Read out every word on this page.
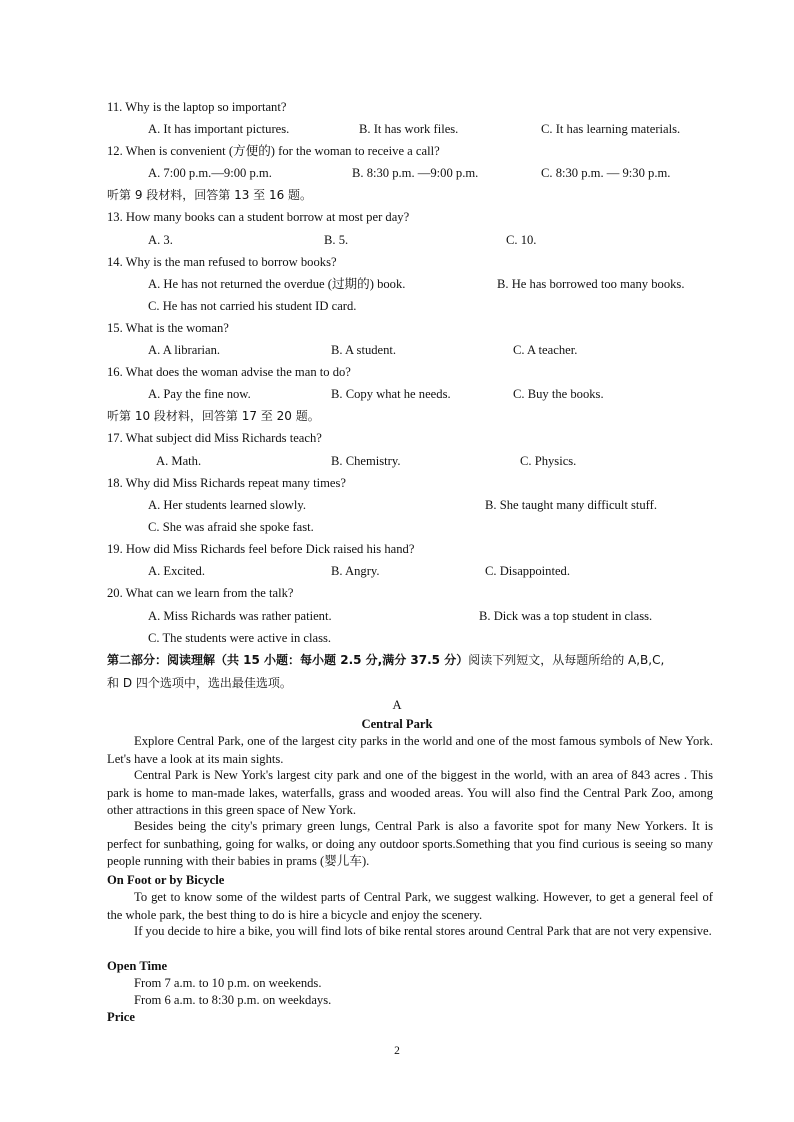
11. Why is the laptop so important?
A. It has important pictures.	B. It has work files.	C. It has learning materials.
12. When is convenient (方便的) for the woman to receive a call?
A. 7:00 p.m.—9:00 p.m.	B. 8:30 p.m. —9:00 p.m.	C. 8:30 p.m. — 9:30 p.m.
听第 9 段材料，回答第 13 至 16 题。
13. How many books can a student borrow at most per day?
A. 3.	B. 5.	C. 10.
14. Why is the man refused to borrow books?
A. He has not returned the overdue (过期的) book.	B. He has borrowed too many books.
C. He has not carried his student ID card.
15. What is the woman?
A. A librarian.	B. A student.	C. A teacher.
16. What does the woman advise the man to do?
A. Pay the fine now.	B. Copy what he needs.	C. Buy the books.
听第 10 段材料，回答第 17 至 20 题。
17. What subject did Miss Richards teach?
A. Math.	B. Chemistry.	C. Physics.
18. Why did Miss Richards repeat many times?
A. Her students learned slowly.	B. She taught many difficult stuff.
C. She was afraid she spoke fast.
19. How did Miss Richards feel before Dick raised his hand?
A. Excited.	B. Angry.	C. Disappointed.
20. What can we learn from the talk?
A. Miss Richards was rather patient.	B. Dick was a top student in class.
C. The students were active in class.
第二部分：阅读理解（共 15 小题：每小题 2.5 分,满分 37.5 分）阅读下列短文，从每题所给的 A,B,C,
和 D 四个选项中，选出最佳选项。
A
Central Park
Explore Central Park, one of the largest city parks in the world and one of the most famous symbols of New York. Let's have a look at its main sights.
Central Park is New York's largest city park and one of the biggest in the world, with an area of 843 acres . This park is home to man-made lakes, waterfalls, grass and wooded areas. You will also find the Central Park Zoo, among other attractions in this green space of New York.
Besides being the city's primary green lungs, Central Park is also a favorite spot for many New Yorkers. It is perfect for sunbathing, going for walks, or doing any outdoor sports.Something that you find curious is seeing so many people running with their babies in prams (婴儿车).
On Foot or by Bicycle
To get to know some of the wildest parts of Central Park, we suggest walking. However, to get a general feel of the whole park, the best thing to do is hire a bicycle and enjoy the scenery.
If you decide to hire a bike, you will find lots of bike rental stores around Central Park that are not very expensive.
Open Time
From 7 a.m. to 10 p.m. on weekends.
From 6 a.m. to 8:30 p.m. on weekdays.
Price
2
